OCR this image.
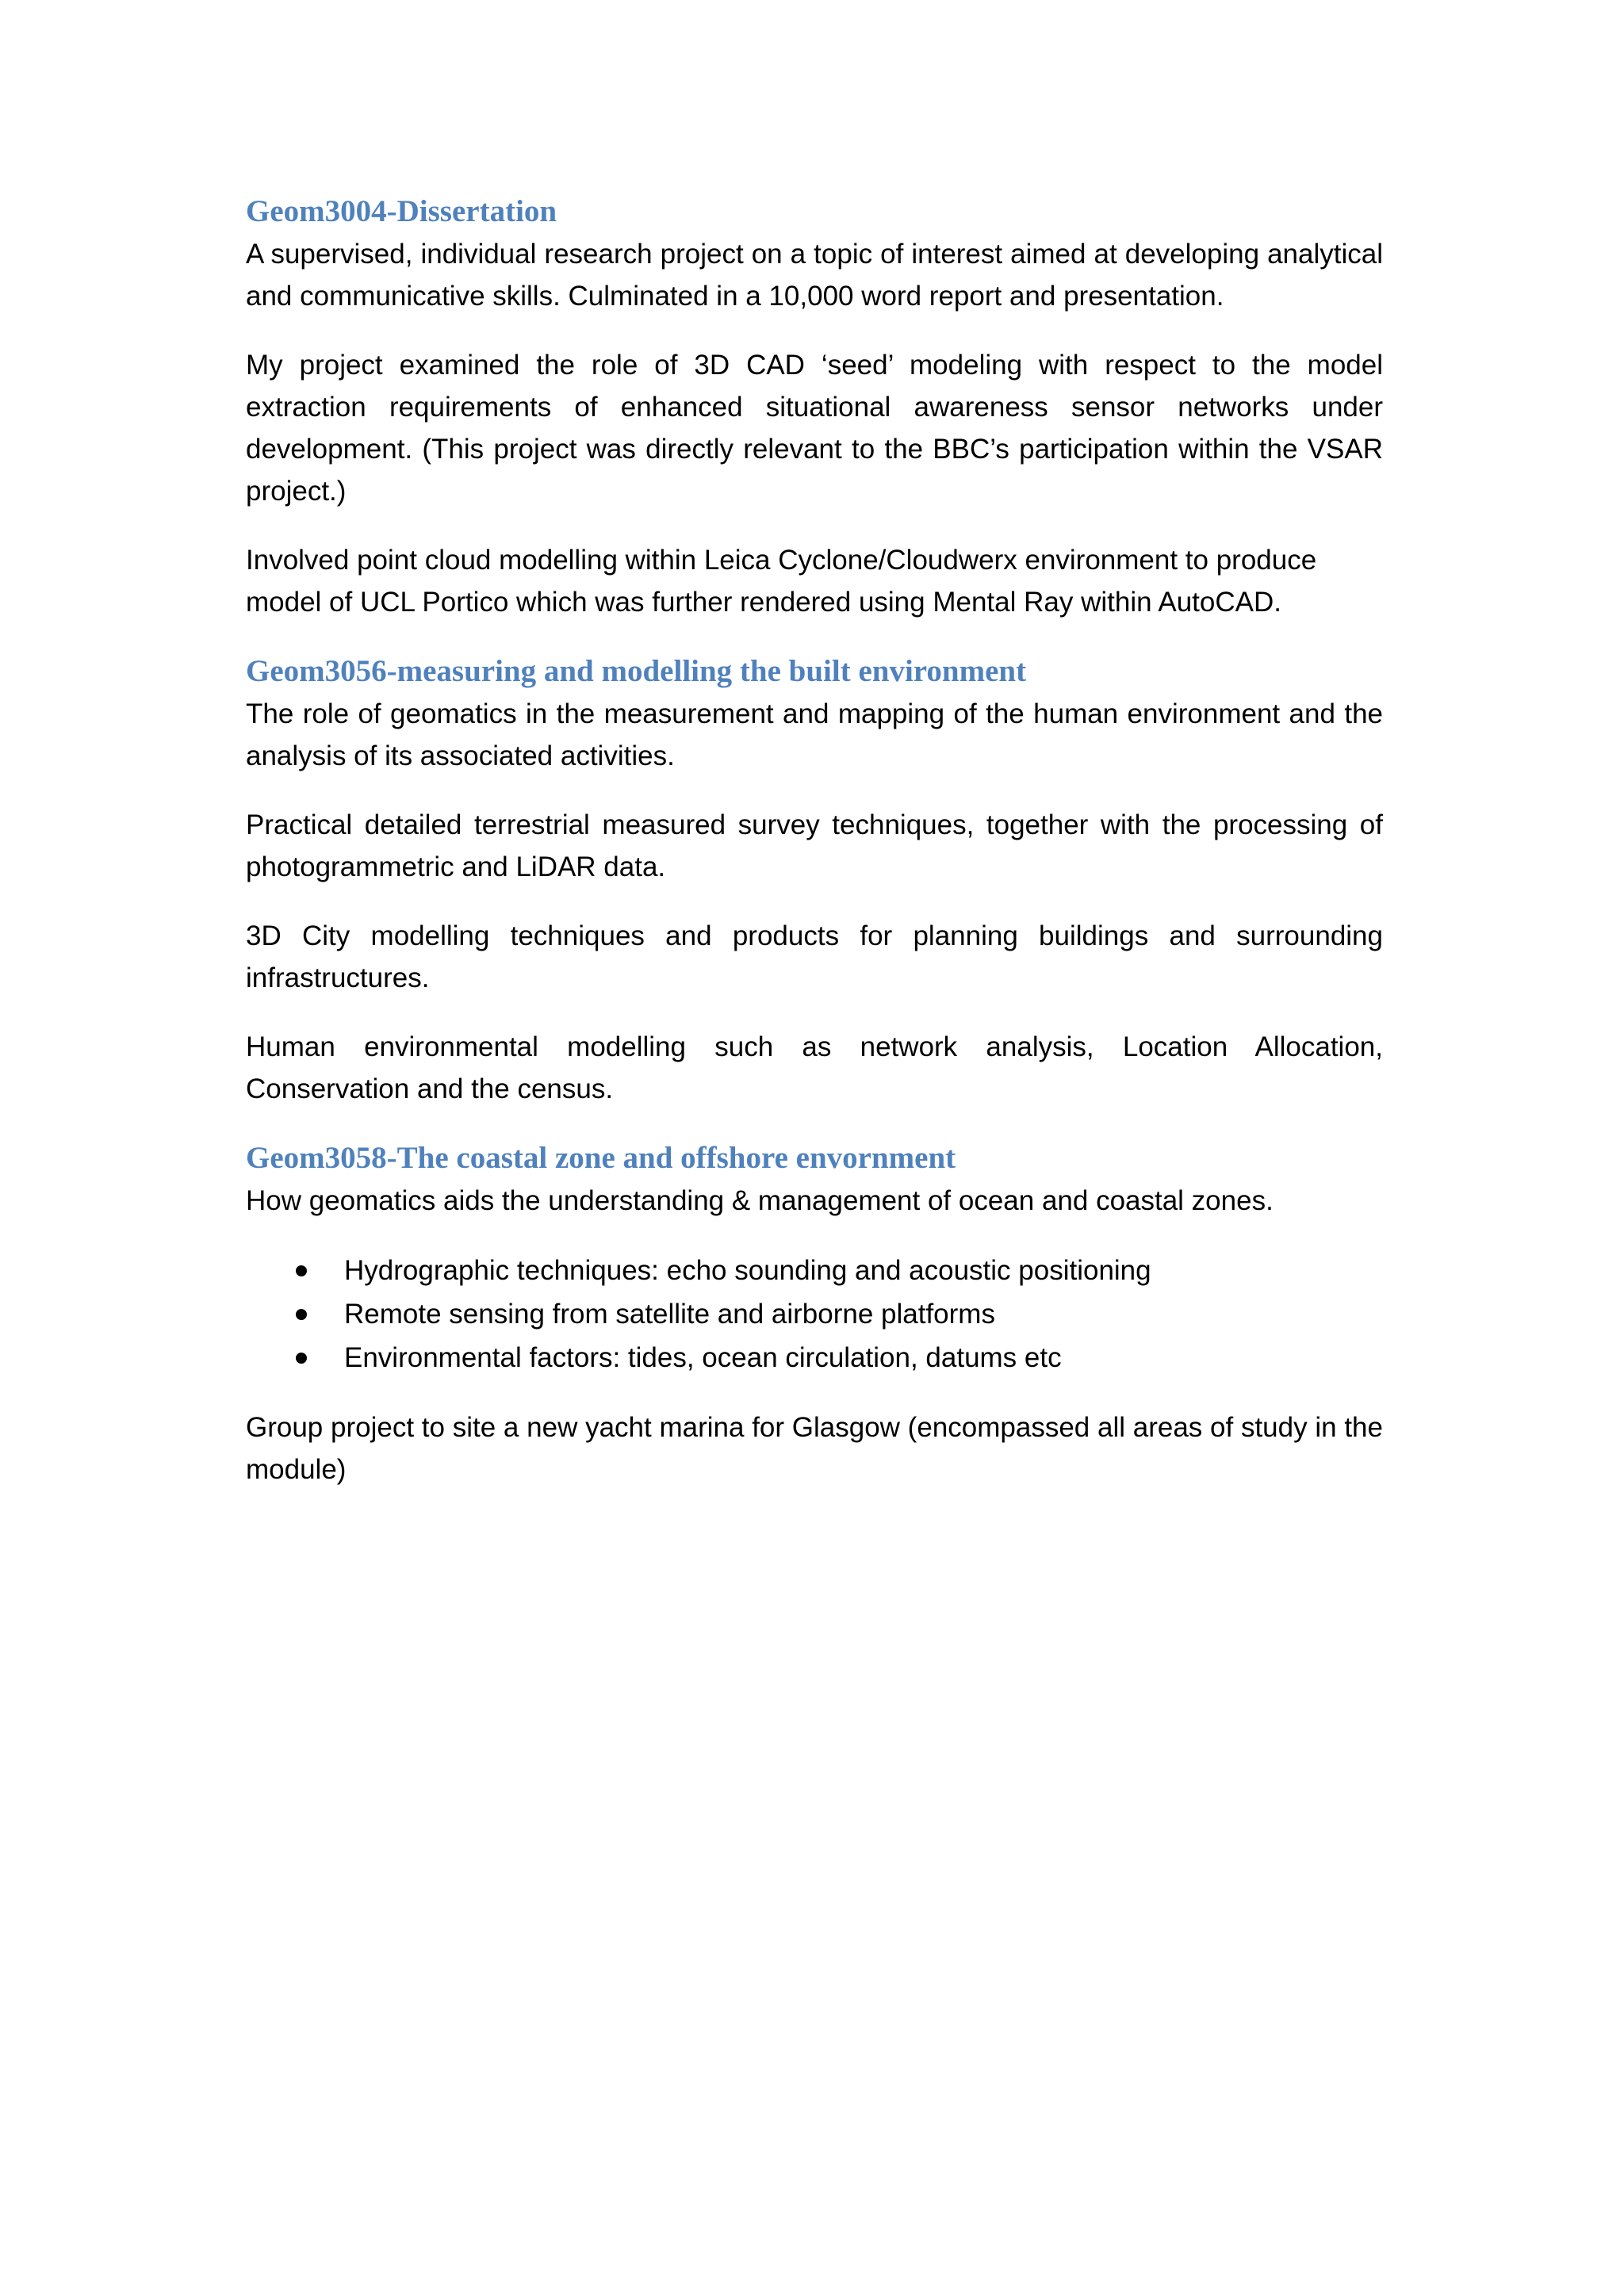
Geom3004-Dissertation

A supervised, individual research project on a topic of interest aimed at developing analytical and communicative skills. Culminated in a 10,000 word report and presentation.

My project examined the role of 3D CAD ‘seed’ modeling with respect to the model extraction requirements of enhanced situational awareness sensor networks under development. (This project was directly relevant to the BBC’s participation within the VSAR project.)

Involved point cloud modelling within Leica Cyclone/Cloudwerx environment to produce model of UCL Portico which was further rendered using Mental Ray within AutoCAD.

Geom3056-measuring and modelling the built environment

The role of geomatics in the measurement and mapping of the human environment and the analysis of its associated activities.

Practical detailed terrestrial measured survey techniques, together with the processing of photogrammetric and LiDAR data.

3D City modelling techniques and products for planning buildings and surrounding infrastructures.

Human environmental modelling such as network analysis, Location Allocation, Conservation and the census.

Geom3058-The coastal zone and offshore envornment

How geomatics aids the understanding & management of ocean and coastal zones.

Hydrographic techniques: echo sounding and acoustic positioning
Remote sensing from satellite and airborne platforms
Environmental factors: tides, ocean circulation, datums etc

Group project to site a new yacht marina for Glasgow (encompassed all areas of study in the module)
